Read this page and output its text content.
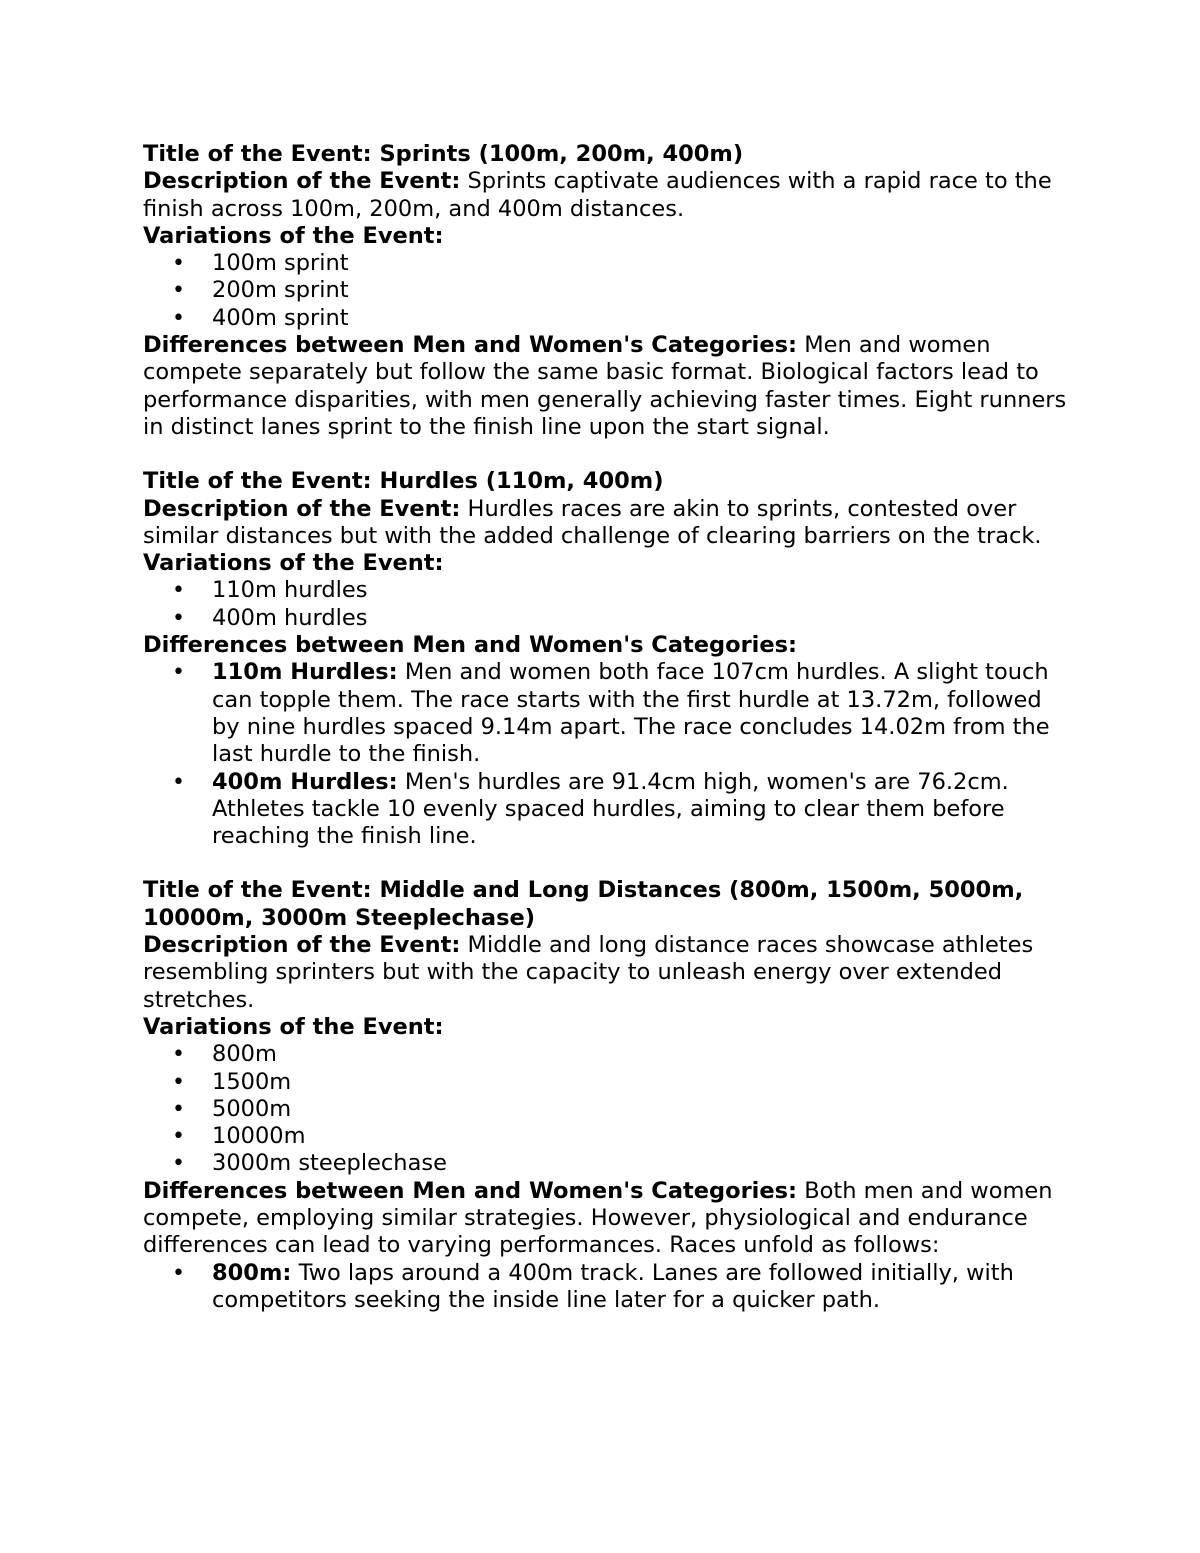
Title of the Event: Sprints (100m, 200m, 400m)

Description of the Event: Sprints captivate audiences with a rapid race to the finish across 100m, 200m, and 400m distances.

Variations of the Event:

• 100m sprint
• 200m sprint
• 400m sprint

Differences between Men and Women's Categories: Men and women compete separately but follow the same basic format. Biological factors lead to performance disparities, with men generally achieving faster times. Eight runners in distinct lanes sprint to the finish line upon the start signal.

Title of the Event: Hurdles (110m, 400m)

Description of the Event: Hurdles races are akin to sprints, contested over similar distances but with the added challenge of clearing barriers on the track.

Variations of the Event:

• 110m hurdles
• 400m hurdles

Differences between Men and Women's Categories:

• 110m Hurdles: Men and women both face 107cm hurdles. A slight touch can topple them. The race starts with the first hurdle at 13.72m, followed by nine hurdles spaced 9.14m apart. The race concludes 14.02m from the last hurdle to the finish.
• 400m Hurdles: Men's hurdles are 91.4cm high, women's are 76.2cm. Athletes tackle 10 evenly spaced hurdles, aiming to clear them before reaching the finish line.

Title of the Event: Middle and Long Distances (800m, 1500m, 5000m, 10000m, 3000m Steeplechase)

Description of the Event: Middle and long distance races showcase athletes resembling sprinters but with the capacity to unleash energy over extended stretches.

Variations of the Event:

• 800m
• 1500m
• 5000m
• 10000m
• 3000m steeplechase

Differences between Men and Women's Categories: Both men and women compete, employing similar strategies. However, physiological and endurance differences can lead to varying performances. Races unfold as follows:

• 800m: Two laps around a 400m track. Lanes are followed initially, with competitors seeking the inside line later for a quicker path.
